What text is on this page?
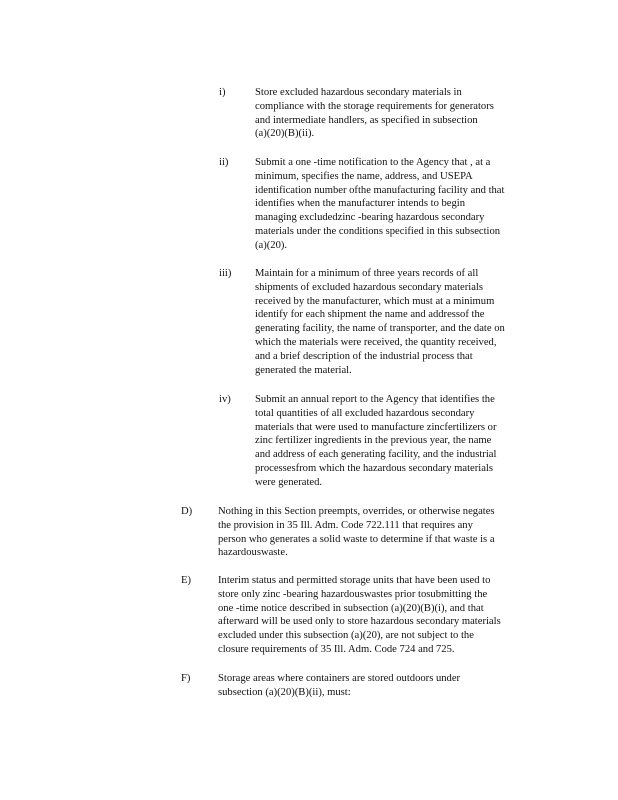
i)	Store excluded hazardous secondary materials in
compliance with the storage requirements for generators
and intermediate handlers, as specified in subsection
(a)(20)(B)(ii).
ii)	Submit a one -time notification to the Agency that , at a
minimum, specifies the name, address, and USEPA
identification number ofthe manufacturing facility and that
identifies when the manufacturer intends to begin
managing excludedzinc -bearing hazardous secondary
materials under the conditions specified in this subsection
(a)(20).
iii)	Maintain for a minimum of three years records of all
shipments of excluded hazardous secondary materials
received by the manufacturer, which must at a minimum
identify for each shipment the name and addressof the
generating facility, the name of transporter, and the date on
which the materials were received, the quantity received,
and a brief description of the industrial process that
generated the material.
iv)	Submit an annual report to the Agency that identifies the
total quantities of all excluded hazardous secondary
materials that were used to manufacture zincfertilizers or
zinc fertilizer ingredients in the previous year, the name
and address of each generating facility, and the industrial
processesfrom which the hazardous secondary materials
were generated.
D)	Nothing in this Section preempts, overrides, or otherwise negates
the provision in 35 Ill. Adm. Code 722.111 that requires any
person who generates a solid waste to determine if that waste is a
hazardouswaste.
E)	Interim status and permitted storage units that have been used to
store only zinc -bearing hazardouswastes prior tosubmitting the
one -time notice described in subsection (a)(20)(B)(i), and that
afterward will be used only to store hazardous secondary materials
excluded under this subsection (a)(20), are not subject to the
closure requirements of 35 Ill. Adm. Code 724 and 725.
F)	Storage areas where containers are stored outdoors under
subsection (a)(20)(B)(ii), must:
